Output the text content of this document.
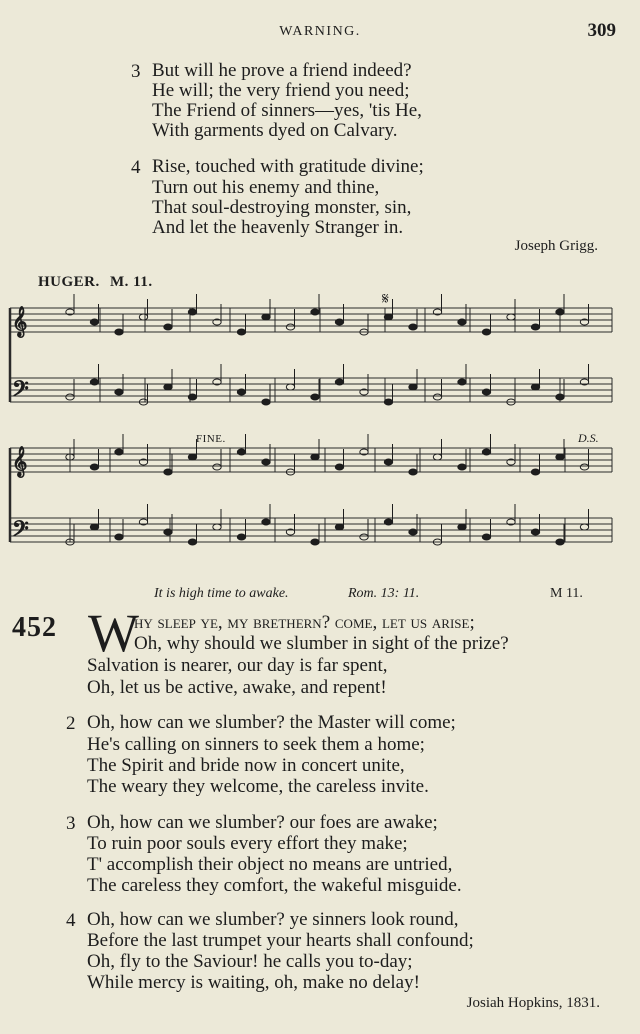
WARNING.	309
3 But will he prove a friend indeed?
He will; the very friend you need;
The Friend of sinners—yes, 'tis He,
With garments dyed on Calvary.
4 Rise, touched with gratitude divine;
Turn out his enemy and thine,
That soul-destroying monster, sin,
And let the heavenly Stranger in.
Joseph Grigg.
HUGER. M. 11.
𝄞
𝄢
𝄞
𝄢
𝄋
FINE.	D.S.
It is high time to awake.	Rom. 13: 11.	M 11.
452 W
hy sleep ye, my brethern? come, let us arise;
Oh, why should we slumber in sight of the prize?
Salvation is nearer, our day is far spent,
Oh, let us be active, awake, and repent!
2 Oh, how can we slumber? the Master will come;
He's calling on sinners to seek them a home;
The Spirit and bride now in concert unite,
The weary they welcome, the careless invite.
3 Oh, how can we slumber? our foes are awake;
To ruin poor souls every effort they make;
T' accomplish their object no means are untried,
The careless they comfort, the wakeful misguide.
4 Oh, how can we slumber? ye sinners look round,
Before the last trumpet your hearts shall confound;
Oh, fly to the Saviour! he calls you to-day;
While mercy is waiting, oh, make no delay!
Josiah Hopkins, 1831.
